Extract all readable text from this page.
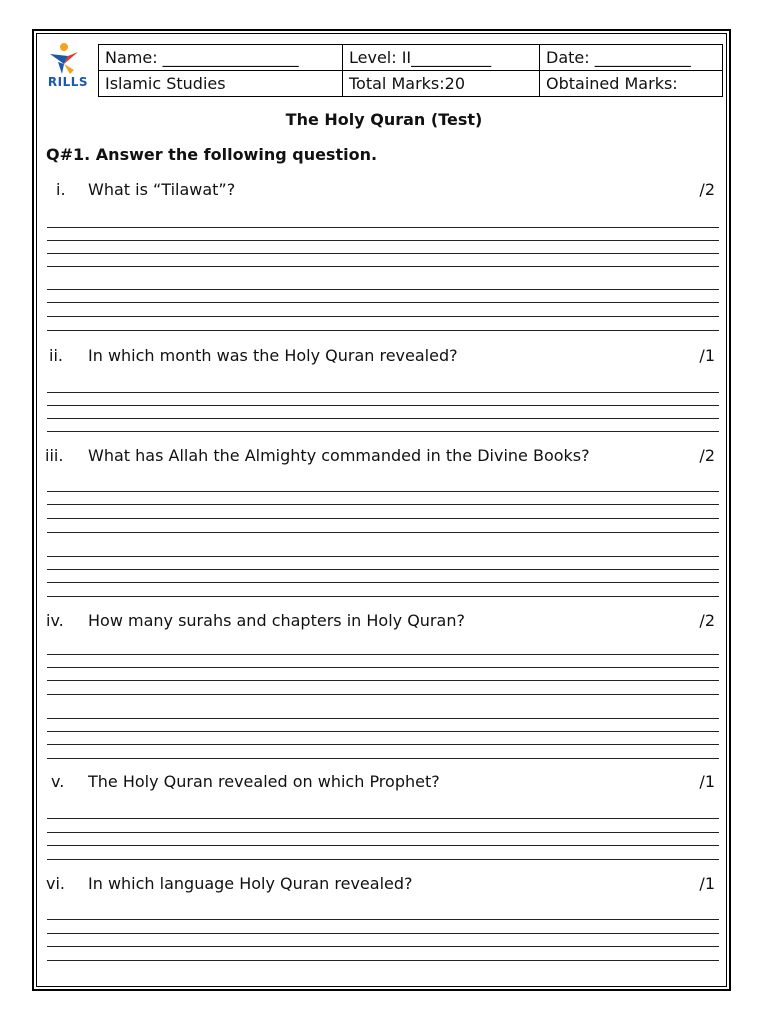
RILLS
Name: _________________	Level: II__________	Date: ____________
Islamic Studies	Total Marks:20	Obtained Marks:
The Holy Quran (Test)
Q#1. Answer the following question.
i. What is “Tilawat”?	/2
ii. In which month was the Holy Quran revealed?	/1
iii. What has Allah the Almighty commanded in the Divine Books?	/2
iv. How many surahs and chapters in Holy Quran?	/2
v. The Holy Quran revealed on which Prophet?	/1
vi. In which language Holy Quran revealed?	/1
